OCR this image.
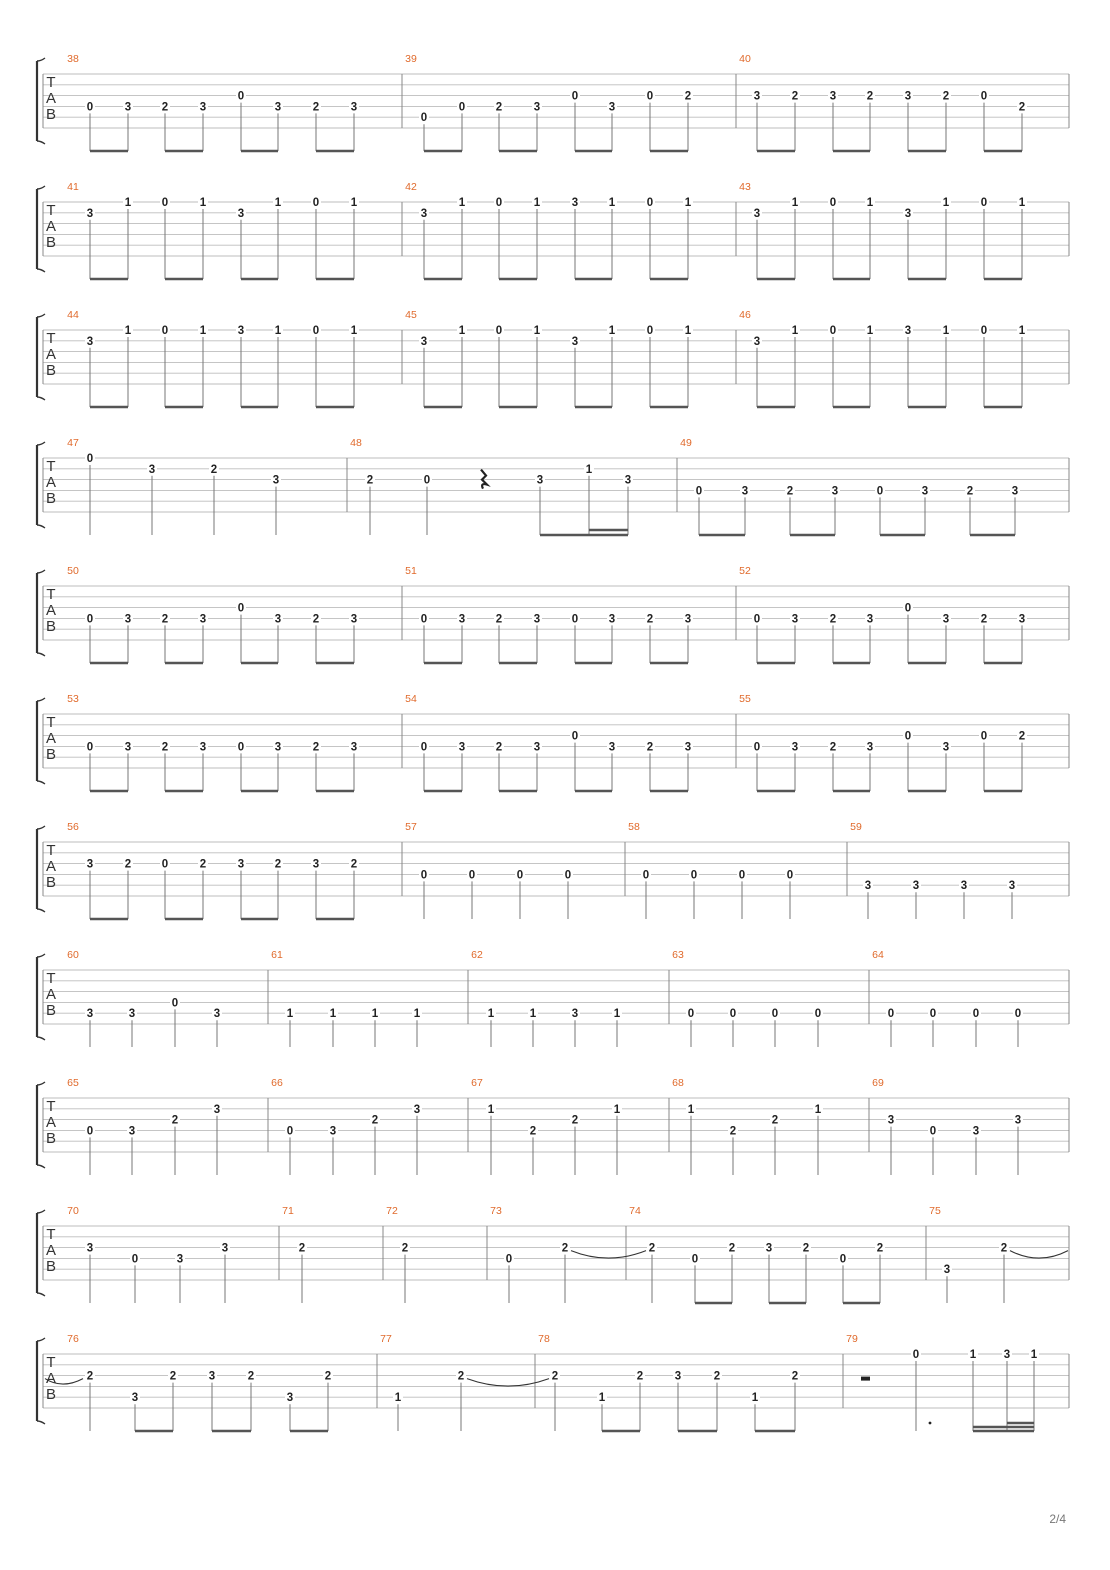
T
A
B
38
0	3	2	3
0
3	2	3
39
0
0	2	3
0
3
0	2
40
3	2	3	2	3	2	0
2
T
A
B
41
3
1	0	1
3
1	0	1
42
3
1	0	1	3	1	0	1
43
3
1	0	1
3
1	0	1
T
A
B
44
3
1	0	1	3	1	0	1
45
3
1	0	1
3
1	0	1
46
3
1	0	1	3	1	0	1
T
A
B
47
0
3	2
3
48
2	0	3
1
3
49
0	3	2	3	0	3	2	3
T
A
B
50
0	3	2	3
0
3	2	3
51
0	3	2	3	0	3	2	3
52
0	3	2	3
0
3	2	3
T
A
B
53
0	3	2	3	0	3	2	3
54
0	3	2	3
0
3	2	3
55
0	3	2	3
0
3
0	2
T
A
B
56
3	2	0	2	3	2	3	2
57
0	0	0	0
58
0	0	0	0
59
3	3	3	3
T
A
B
60
3	3
0
3
61
1	1	1	1
62
1	1	3	1
63
0	0	0	0
64
0	0	0	0
T
A
B
65
0	3
2
3
66
0	3
2
3
67
1
2
2
1
68
1
2
2
1
69
3
0	3
3
T
A
B
70
3
0	3
3
71
2
72
2
73
0
2
74
2
0
2	3	2
0
2
75
3
2
T
A
B
76
2
3
2	3	2
3
2
77
1
2
78
2
1
2	3	2
1
2
79
0	1 3 1
2/4
